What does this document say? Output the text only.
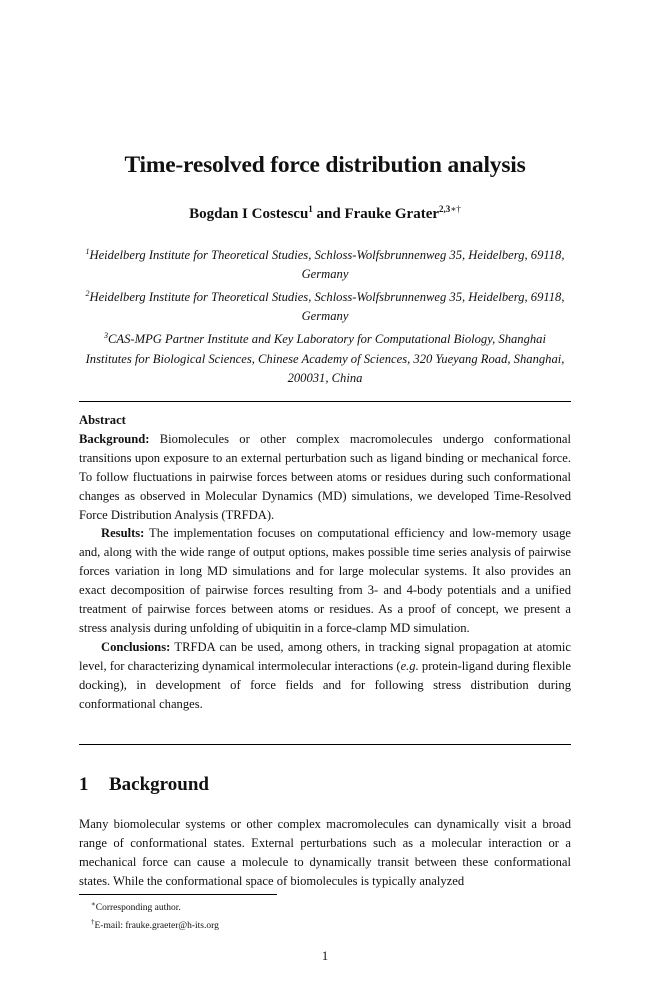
Time-resolved force distribution analysis
Bogdan I Costescu$^1$ and Frauke Grater$^{2,3∗\dagger}$
$^1$Heidelberg Institute for Theoretical Studies, Schloss-Wolfsbrunnenweg 35, Heidelberg, 69118, Germany
$^2$Heidelberg Institute for Theoretical Studies, Schloss-Wolfsbrunnenweg 35, Heidelberg, 69118, Germany
$^3$CAS-MPG Partner Institute and Key Laboratory for Computational Biology, Shanghai Institutes for Biological Sciences, Chinese Academy of Sciences, 320 Yueyang Road, Shanghai, 200031, China

Abstract

Background: Biomolecules or other complex macromolecules undergo conformational transitions upon exposure to an external perturbation such as ligand binding or mechanical force. To follow fluctuations in pairwise forces between atoms or residues during such conformational changes as observed in Molecular Dynamics (MD) simulations, we developed Time-Resolved Force Distribution Analysis (TRFDA).

Results: The implementation focuses on computational efficiency and low-memory usage and, along with the wide range of output options, makes possible time series analysis of pairwise forces variation in long MD simulations and for large molecular systems. It also provides an exact decomposition of pairwise forces resulting from 3- and 4-body potentials and a unified treatment of pairwise forces between atoms or residues. As a proof of concept, we present a stress analysis during unfolding of ubiquitin in a force-clamp MD simulation.

Conclusions: TRFDA can be used, among others, in tracking signal propagation at atomic level, for characterizing dynamical intermolecular interactions (e.g. protein-ligand during flexible docking), in development of force fields and for following stress distribution during conformational changes.

1 Background

Many biomolecular systems or other complex macromolecules can dynamically visit a broad range of conformational states. External perturbations such as a molecular interaction or a mechanical force can cause a molecule to dynamically transit between these conformational states. While the conformational space of biomolecules is typically analyzed

∗Corresponding author.
†E-mail: frauke.graeter@h-its.org
1
